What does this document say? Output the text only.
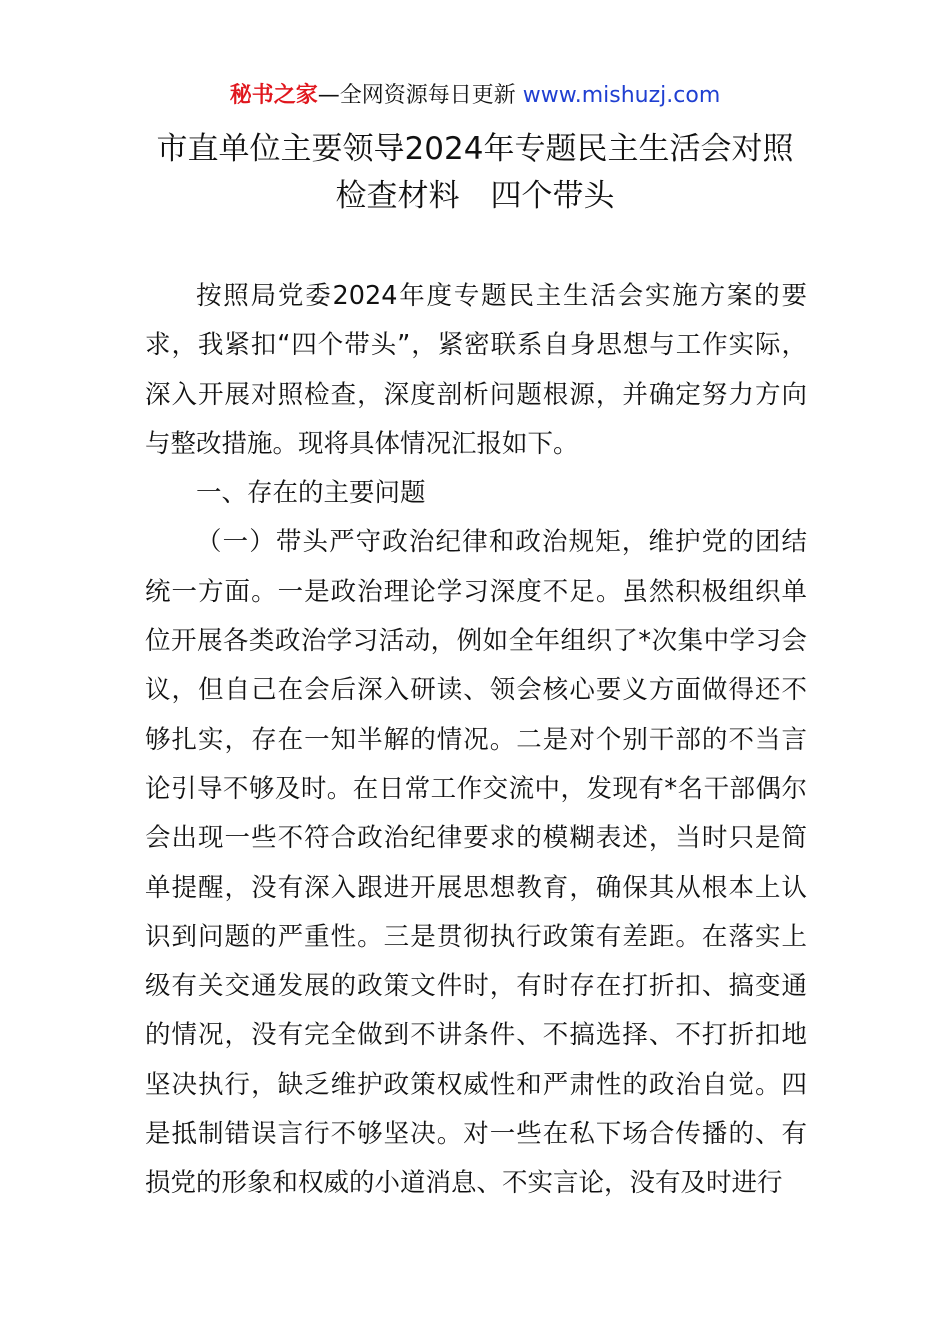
秘书之家—全网资源每日更新 www.mishuzj.com
市直单位主要领导2024年专题民主生活会对照
检查材料　四个带头

按照局党委2024年度专题民主生活会实施方案的要求，我紧扣“四个带头”，紧密联系自身思想与工作实际，深入开展对照检查，深度剖析问题根源，并确定努力方向与整改措施。现将具体情况汇报如下。

一、存在的主要问题

（一）带头严守政治纪律和政治规矩，维护党的团结统一方面。一是政治理论学习深度不足。虽然积极组织单位开展各类政治学习活动，例如全年组织了*次集中学习会议，但自己在会后深入研读、领会核心要义方面做得还不够扎实，存在一知半解的情况。二是对个别干部的不当言论引导不够及时。在日常工作交流中，发现有*名干部偶尔会出现一些不符合政治纪律要求的模糊表述，当时只是简单提醒，没有深入跟进开展思想教育，确保其从根本上认识到问题的严重性。三是贯彻执行政策有差距。在落实上级有关交通发展的政策文件时，有时存在打折扣、搞变通的情况，没有完全做到不讲条件、不搞选择、不打折扣地坚决执行，缺乏维护政策权威性和严肃性的政治自觉。四是抵制错误言行不够坚决。对一些在私下场合传播的、有损党的形象和权威的小道消息、不实言论，没有及时进行
